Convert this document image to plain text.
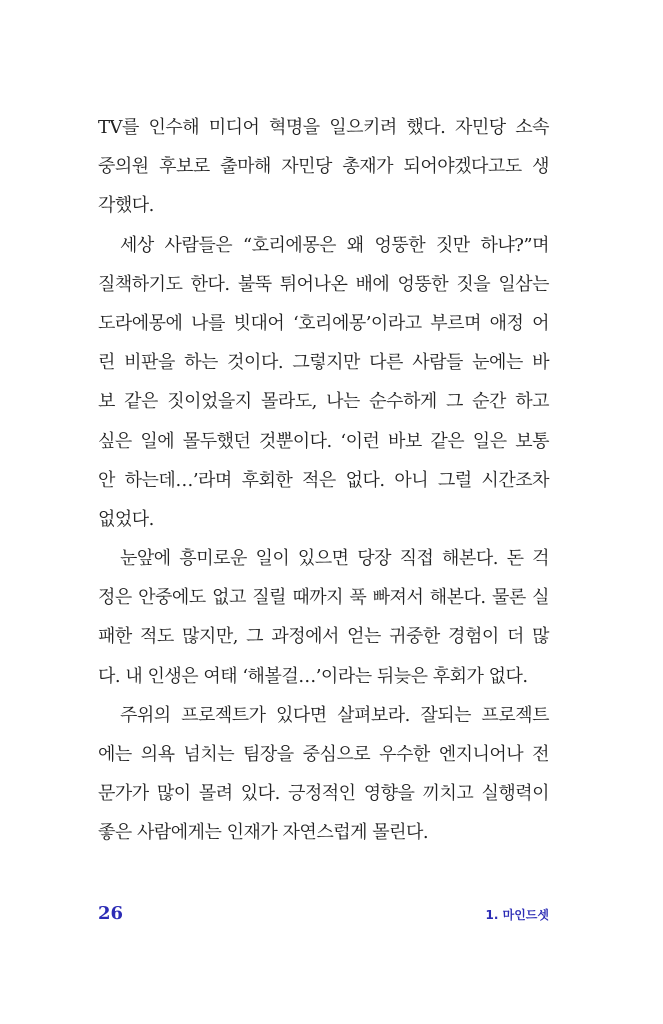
TV를 인수해 미디어 혁명을 일으키려 했다. 자민당 소속
중의원 후보로 출마해 자민당 총재가 되어야겠다고도 생
각했다.
세상 사람들은 “호리에몽은 왜 엉뚱한 짓만 하냐?”며
질책하기도 한다. 불뚝 튀어나온 배에 엉뚱한 짓을 일삼는
도라에몽에 나를 빗대어 ‘호리에몽’이라고 부르며 애정 어
린 비판을 하는 것이다. 그렇지만 다른 사람들 눈에는 바
보 같은 짓이었을지 몰라도, 나는 순수하게 그 순간 하고
싶은 일에 몰두했던 것뿐이다. ‘이런 바보 같은 일은 보통
안 하는데…’라며 후회한 적은 없다. 아니 그럴 시간조차
없었다.
눈앞에 흥미로운 일이 있으면 당장 직접 해본다. 돈 걱
정은 안중에도 없고 질릴 때까지 푹 빠져서 해본다. 물론 실
패한 적도 많지만, 그 과정에서 얻는 귀중한 경험이 더 많
다. 내 인생은 여태 ‘해볼걸…’이라는 뒤늦은 후회가 없다.
주위의 프로젝트가 있다면 살펴보라. 잘되는 프로젝트
에는 의욕 넘치는 팀장을 중심으로 우수한 엔지니어나 전
문가가 많이 몰려 있다. 긍정적인 영향을 끼치고 실행력이
좋은 사람에게는 인재가 자연스럽게 몰린다.
26	1. 마인드셋
